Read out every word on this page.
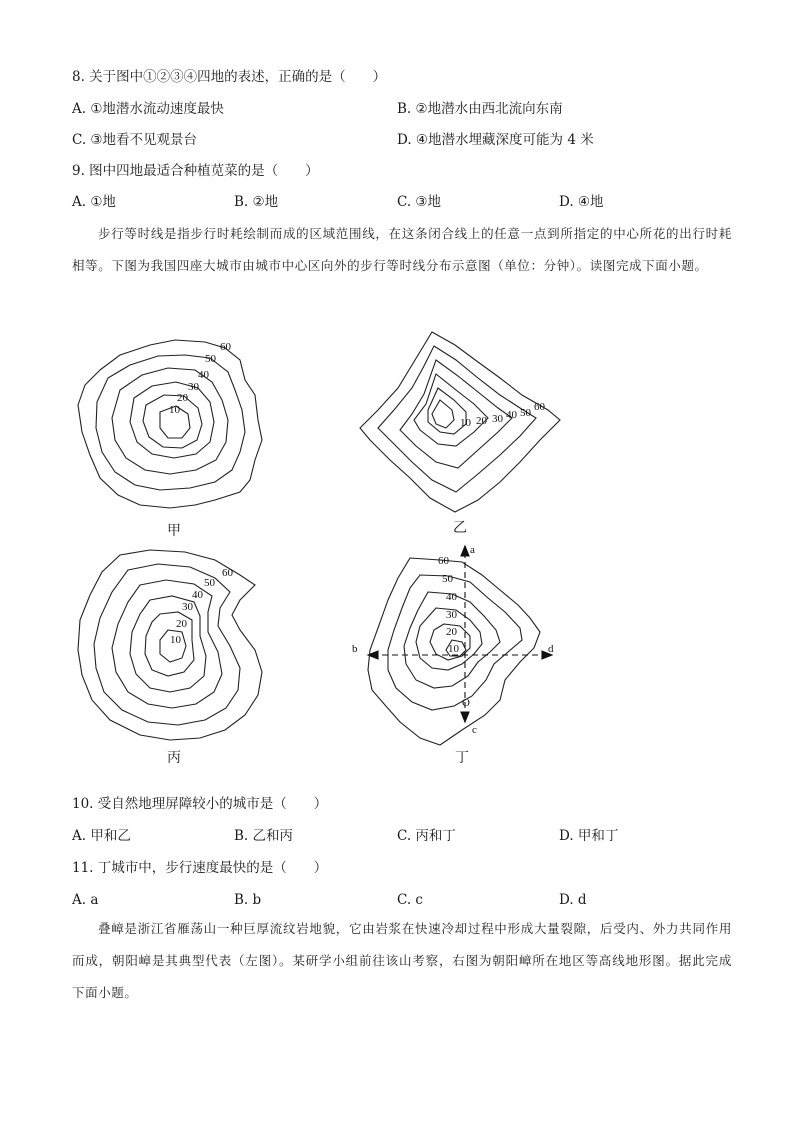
8. 关于图中①②③④四地的表述，正确的是（　　）
A. ①地潜水流动速度最快	B. ②地潜水由西北流向东南
C. ③地看不见观景台	D. ④地潜水埋藏深度可能为 4 米
9. 图中四地最适合种植苋菜的是（　　）
A. ①地	B. ②地	C. ③地	D. ④地
步行等时线是指步行时耗绘制而成的区域范围线，在这条闭合线上的任意一点到所指定的中心所花的出行时耗相等。下图为我国四座大城市由城市中心区向外的步行等时线分布示意图（单位：分钟）。读图完成下面小题。
60
50
40
30
20
10
甲
10 20 30 40 50 60
乙
60
50
40
30
20
10
丙
a
b
c
d
O
60
50
40
30
20
10
丁
10. 受自然地理屏障较小的城市是（　　）
A. 甲和乙	B. 乙和丙	C. 丙和丁	D. 甲和丁
11. 丁城市中，步行速度最快的是（　　）
A. a	B. b	C. c	D. d
叠嶂是浙江省雁荡山一种巨厚流纹岩地貌，它由岩浆在快速冷却过程中形成大量裂隙，后受内、外力共同作用而成，朝阳嶂是其典型代表（左图）。某研学小组前往该山考察，右图为朝阳嶂所在地区等高线地形图。据此完成下面小题。
